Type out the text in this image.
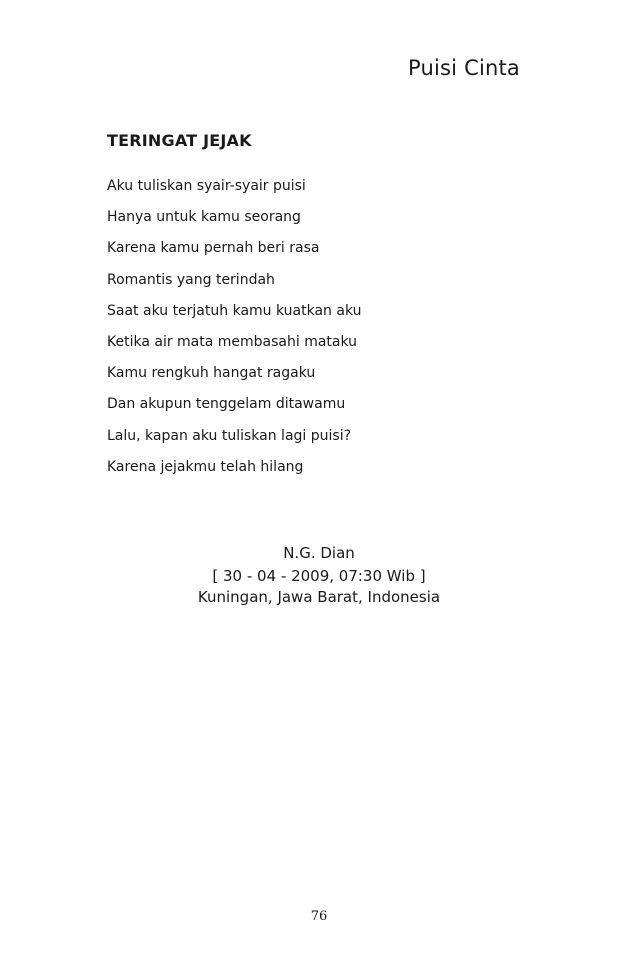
Puisi Cinta
TERINGAT JEJAK
Aku tuliskan syair-syair puisi
Hanya untuk kamu seorang
Karena kamu pernah beri rasa
Romantis yang terindah
Saat aku terjatuh kamu kuatkan aku
Ketika air mata membasahi mataku
Kamu rengkuh hangat ragaku
Dan akupun tenggelam ditawamu
Lalu, kapan aku tuliskan lagi puisi?
Karena jejakmu telah hilang
N.G. Dian
[ 30 - 04 - 2009, 07:30 Wib ]
Kuningan, Jawa Barat, Indonesia
76
